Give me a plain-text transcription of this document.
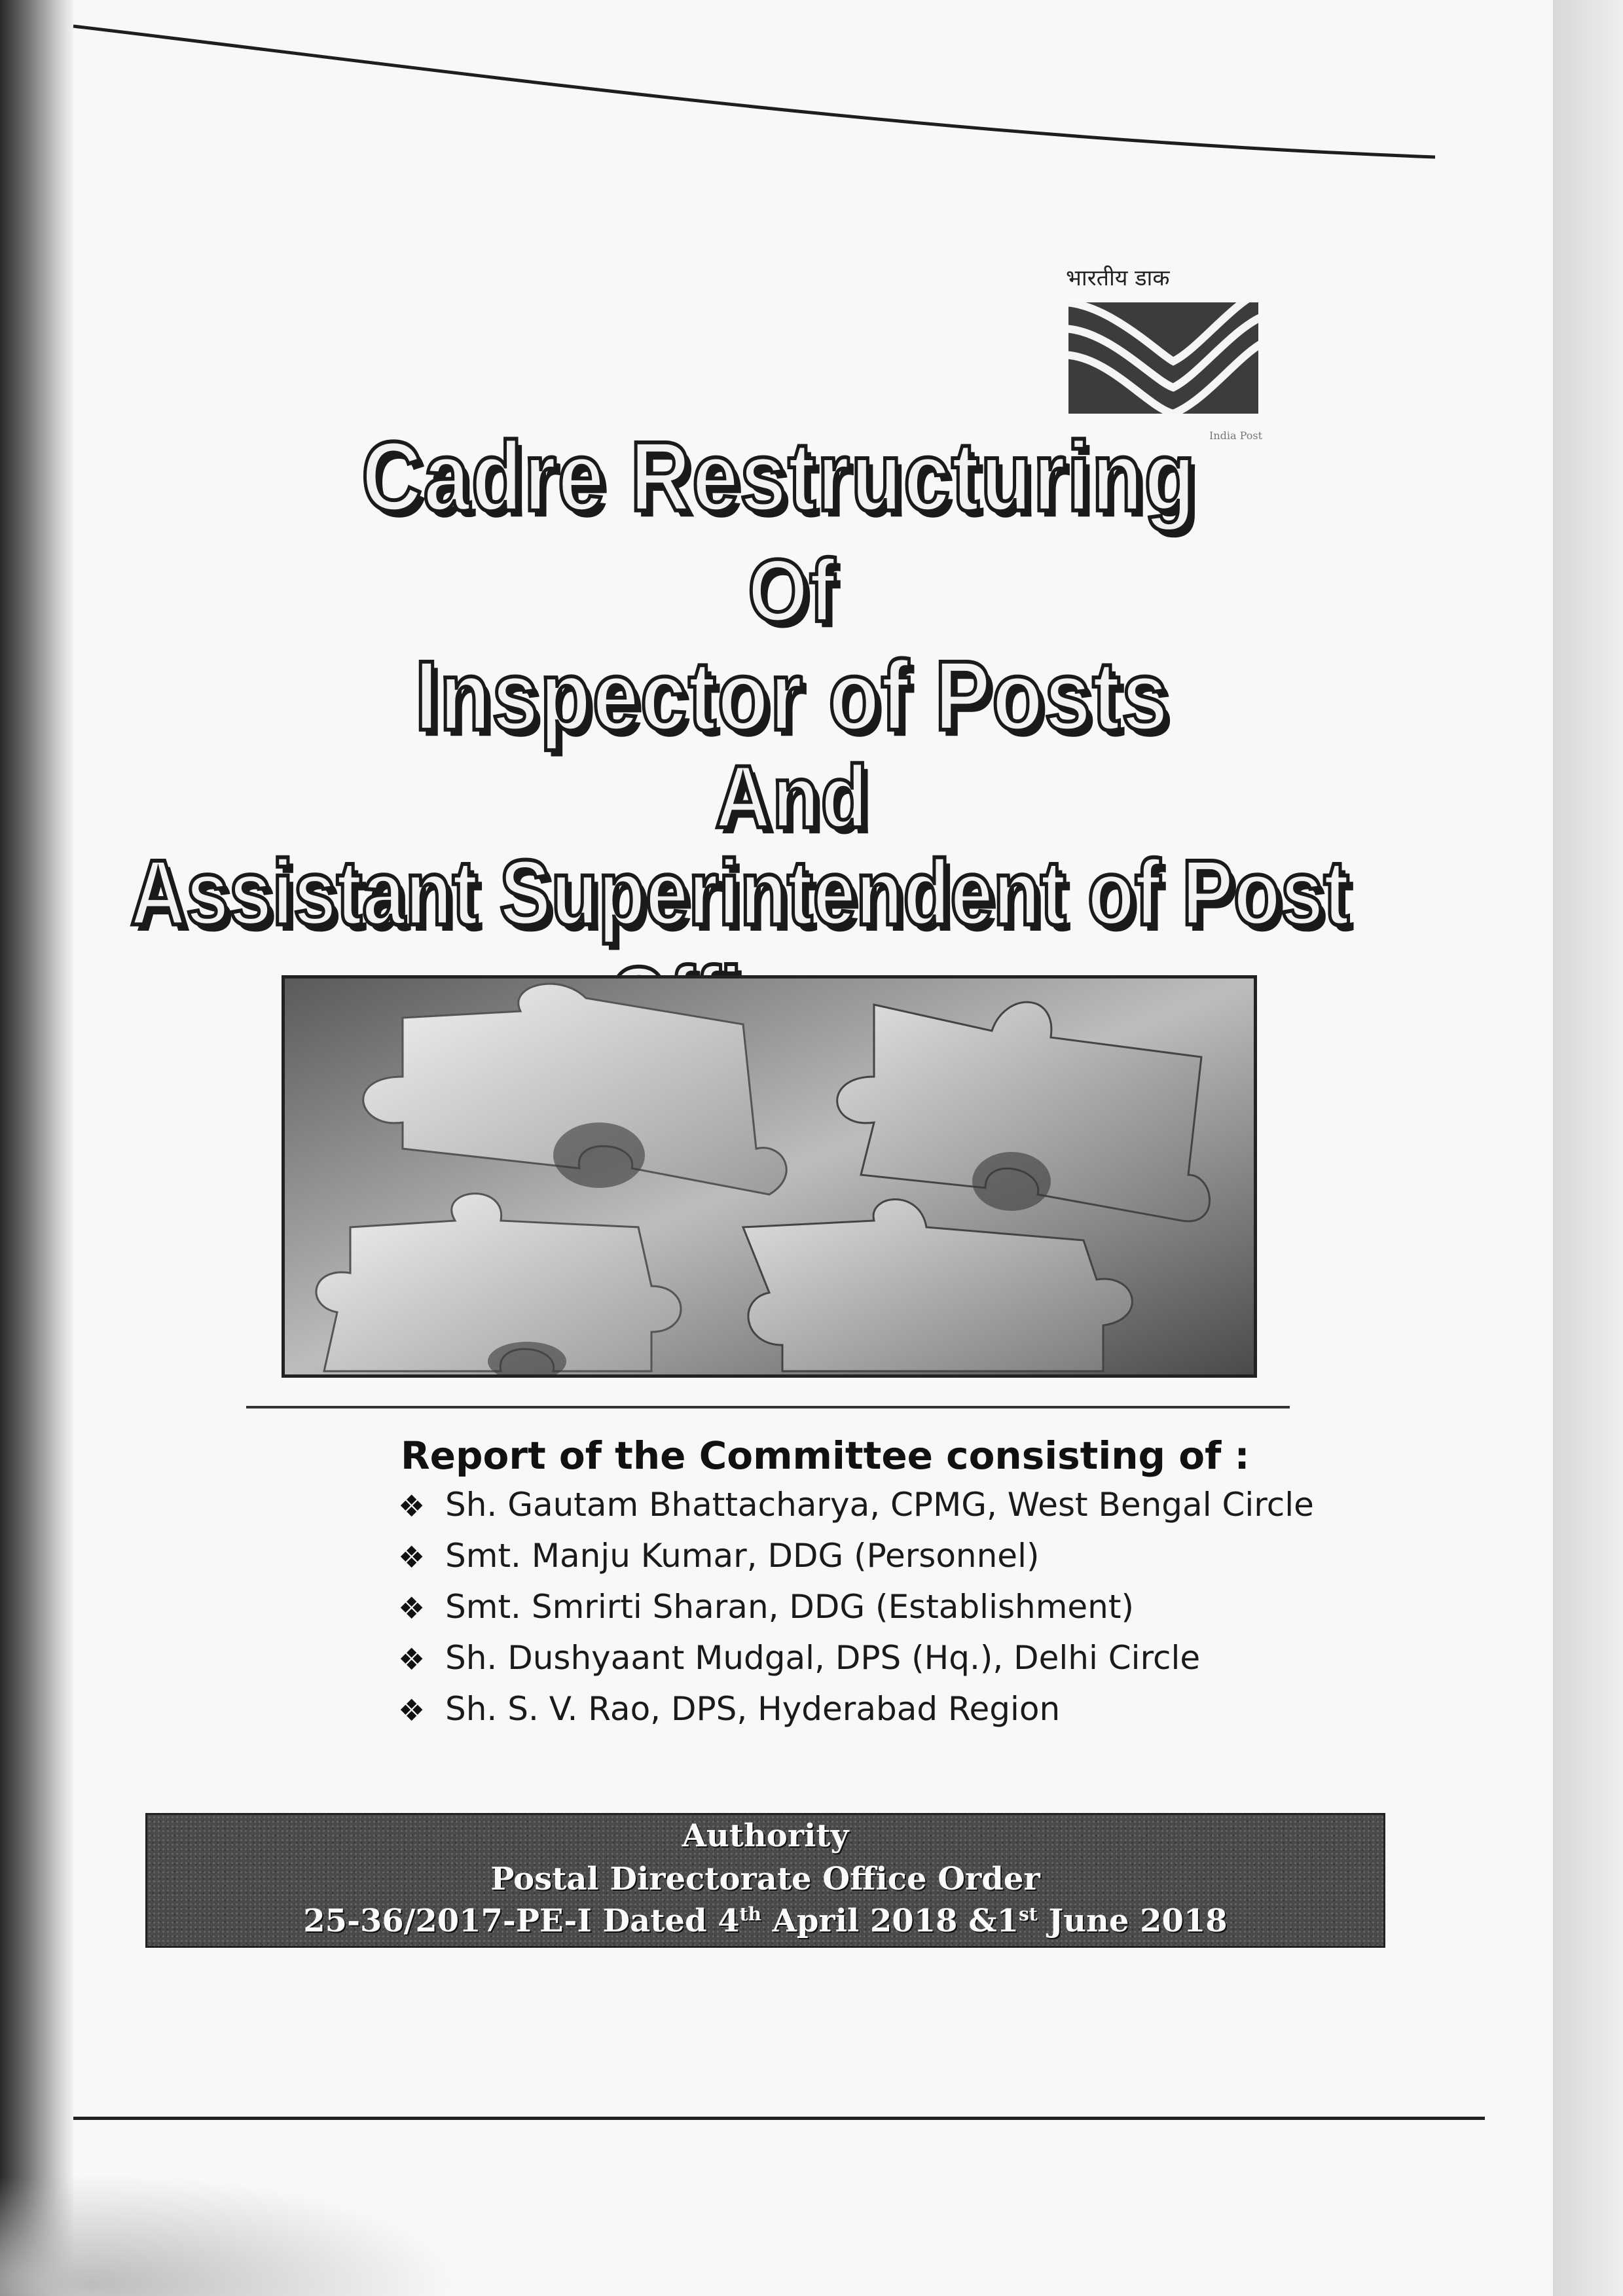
भारतीय डाक
India Post
Cadre Restructuring
Of
Inspector of Posts
And
Assistant Superintendent of Post
Report of the Committee consisting of :
❖ Sh. Gautam Bhattacharya, CPMG, West Bengal Circle
❖ Smt. Manju Kumar, DDG (Personnel)
❖ Smt. Smrirti Sharan, DDG (Establishment)
❖ Sh. Dushyaant Mudgal, DPS (Hq.), Delhi Circle
❖ Sh. S. V. Rao, DPS, Hyderabad Region
Authority
Postal Directorate Office Order
25-36/2017-PE-I Dated 4th April 2018 &1st June 2018
